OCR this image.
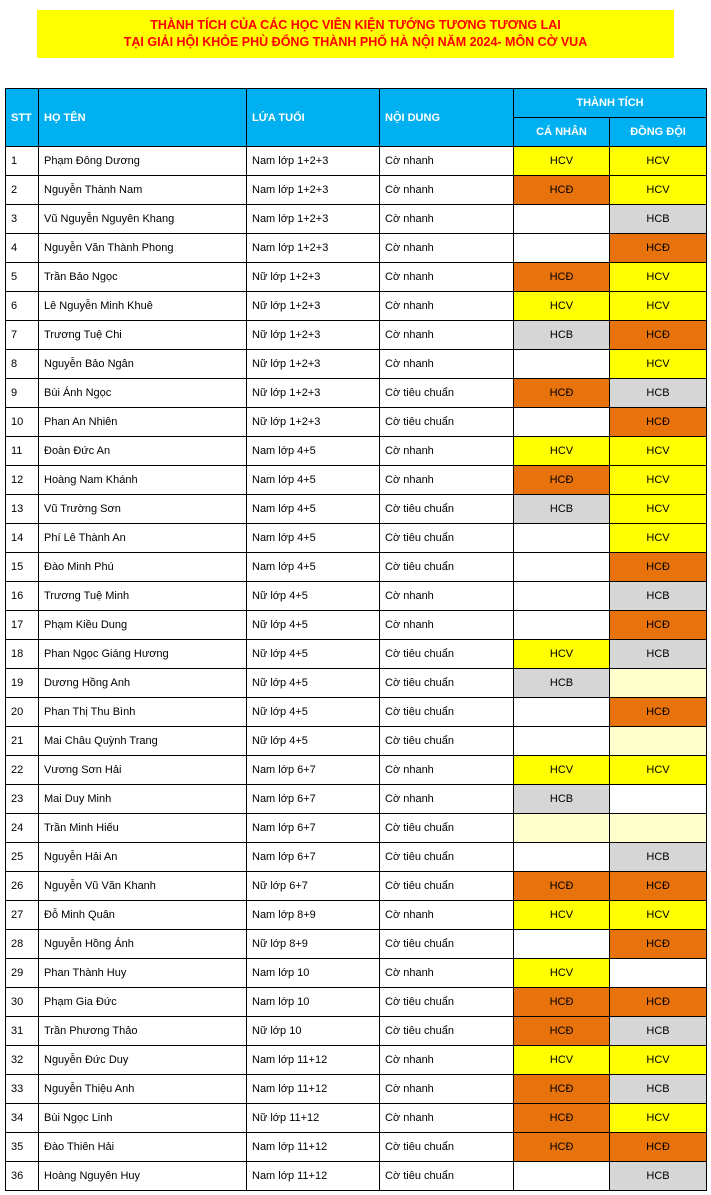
THÀNH TÍCH CỦA CÁC HỌC VIÊN KIỆN TƯỚNG TƯƠNG TƯƠNG LAI
TẠI GIẢI HỘI KHỎE PHÙ ĐỔNG THÀNH PHỐ HÀ NỘI NĂM 2024- MÔN CỜ VUA
STT	HỌ TÊN	LỨA TUỔI	NỘI DUNG	THÀNH TÍCH	
				CÁ NHÂN	ĐỒNG ĐỘI
1	Phạm Đông Dương	Nam lớp 1+2+3	Cờ nhanh	HCV	HCV
2	Nguyễn Thành Nam	Nam lớp 1+2+3	Cờ nhanh	HCĐ	HCV
3	Vũ Nguyễn Nguyên Khang	Nam lớp 1+2+3	Cờ nhanh		HCB
4	Nguyễn Văn Thành Phong	Nam lớp 1+2+3	Cờ nhanh		HCĐ
5	Trần Bảo Ngọc	Nữ lớp 1+2+3	Cờ nhanh	HCĐ	HCV
6	Lê Nguyễn Minh Khuê	Nữ lớp 1+2+3	Cờ nhanh	HCV	HCV
7	Trương Tuệ Chi	Nữ lớp 1+2+3	Cờ nhanh	HCB	HCĐ
8	Nguyễn Bảo Ngân	Nữ lớp 1+2+3	Cờ nhanh		HCV
9	Bùi Ánh Ngọc	Nữ lớp 1+2+3	Cờ tiêu chuẩn	HCĐ	HCB
10	Phan An Nhiên	Nữ lớp 1+2+3	Cờ tiêu chuẩn		HCĐ
11	Đoàn Đức An	Nam lớp 4+5	Cờ nhanh	HCV	HCV
12	Hoàng Nam Khánh	Nam lớp 4+5	Cờ nhanh	HCĐ	HCV
13	Vũ Trường Sơn	Nam lớp 4+5	Cờ tiêu chuẩn	HCB	HCV
14	Phí Lê Thành An	Nam lớp 4+5	Cờ tiêu chuẩn		HCV
15	Đào Minh Phú	Nam lớp 4+5	Cờ tiêu chuẩn		HCĐ
16	Trương Tuệ Minh	Nữ lớp 4+5	Cờ nhanh		HCB
17	Phạm Kiều Dung	Nữ lớp 4+5	Cờ nhanh		HCĐ
18	Phan Ngọc Giáng Hương	Nữ lớp 4+5	Cờ tiêu chuẩn	HCV	HCB
19	Dương Hồng Anh	Nữ lớp 4+5	Cờ tiêu chuẩn	HCB	
20	Phan Thị Thu Bình	Nữ lớp 4+5	Cờ tiêu chuẩn		HCĐ
21	Mai Châu Quỳnh Trang	Nữ lớp 4+5	Cờ tiêu chuẩn		
22	Vương Sơn Hải	Nam lớp 6+7	Cờ nhanh	HCV	HCV
23	Mai Duy Minh	Nam lớp 6+7	Cờ nhanh	HCB	
24	Trần Minh Hiếu	Nam lớp 6+7	Cờ tiêu chuẩn		
25	Nguyễn Hải An	Nam lớp 6+7	Cờ tiêu chuẩn		HCB
26	Nguyễn Vũ Văn Khanh	Nữ lớp 6+7	Cờ tiêu chuẩn	HCĐ	HCĐ
27	Đỗ Minh Quân	Nam lớp 8+9	Cờ nhanh	HCV	HCV
28	Nguyễn Hồng Ánh	Nữ lớp 8+9	Cờ tiêu chuẩn		HCĐ
29	Phan Thành Huy	Nam lớp 10	Cờ nhanh	HCV	
30	Phạm Gia Đức	Nam lớp 10	Cờ tiêu chuẩn	HCĐ	HCĐ
31	Trần Phương Thảo	Nữ lớp 10	Cờ tiêu chuẩn	HCĐ	HCB
32	Nguyễn Đức Duy	Nam lớp 11+12	Cờ nhanh	HCV	HCV
33	Nguyễn Thiệu Anh	Nam lớp 11+12	Cờ nhanh	HCĐ	HCB
34	Bùi Ngọc Linh	Nữ lớp 11+12	Cờ nhanh	HCĐ	HCV
35	Đào Thiên Hải	Nam lớp 11+12	Cờ tiêu chuẩn	HCĐ	HCĐ
36	Hoàng Nguyên Huy	Nam lớp 11+12	Cờ tiêu chuẩn		HCB
